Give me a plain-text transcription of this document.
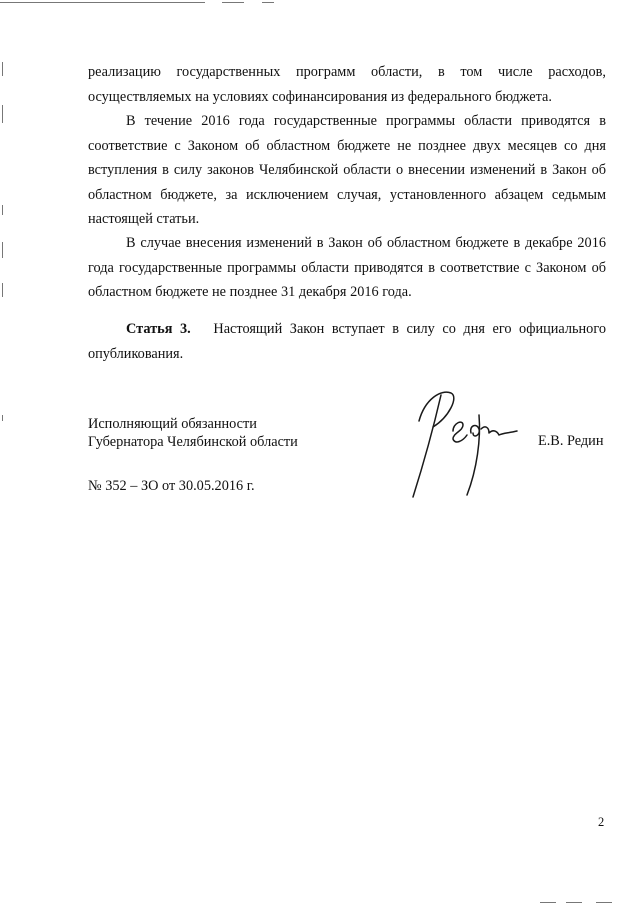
реализацию государственных программ области, в том числе расходов, осуществляемых на условиях софинансирования из федерального бюджета.

В течение 2016 года государственные программы области приводятся в соответствие с Законом об областном бюджете не позднее двух месяцев со дня вступления в силу законов Челябинской области о внесении изменений в Закон об областном бюджете, за исключением случая, установленного абзацем седьмым настоящей статьи.

В случае внесения изменений в Закон об областном бюджете в декабре 2016 года государственные программы области приводятся в соответствие с Законом об областном бюджете не позднее 31 декабря 2016 года.

Статья 3. Настоящий Закон вступает в силу со дня его официального опубликования.

Исполняющий обязанности
Губернатора Челябинской области	Е.В. Редин
№ 352 – ЗО от 30.05.2016 г.
2
